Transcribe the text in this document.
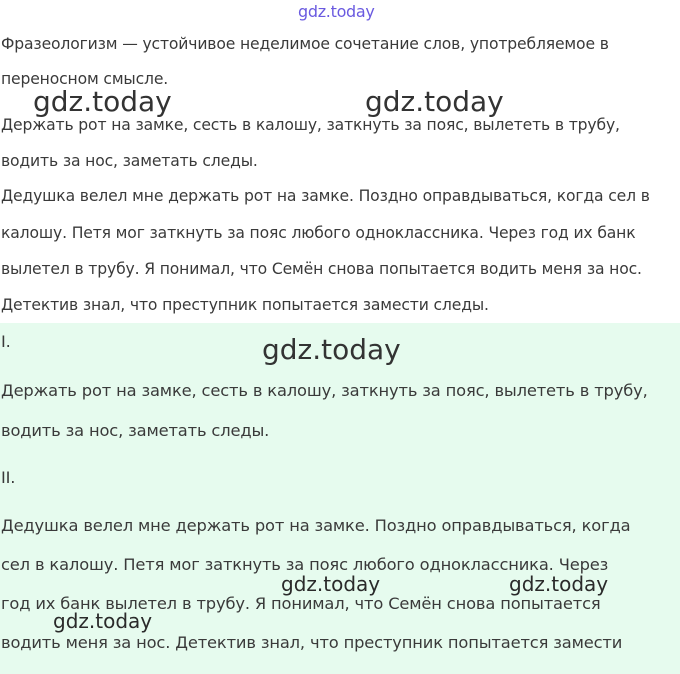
Фразеологизм — устойчивое неделимое сочетание слов, употребляемое в
переносном смысле.
Держать рот на замке, сесть в калошу, заткнуть за пояс, вылететь в трубу,
водить за нос, заметать следы.
Дедушка велел мне держать рот на замке. Поздно оправдываться, когда сел в
калошу. Петя мог заткнуть за пояс любого одноклассника. Через год их банк
вылетел в трубу. Я понимал, что Семён снова попытается водить меня за нос.
Детектив знал, что преступник попытается замести следы.
I.
Держать рот на замке, сесть в калошу, заткнуть за пояс, вылететь в трубу,
водить за нос, заметать следы.
II.
Дедушка велел мне держать рот на замке. Поздно оправдываться, когда
сел в калошу. Петя мог заткнуть за пояс любого одноклассника. Через
год их банк вылетел в трубу. Я понимал, что Семён снова попытается
водить меня за нос. Детектив знал, что преступник попытается замести
gdz.today
gdz.today	gdz.today
gdz.today
gdz.today	gdz.today
gdz.today
